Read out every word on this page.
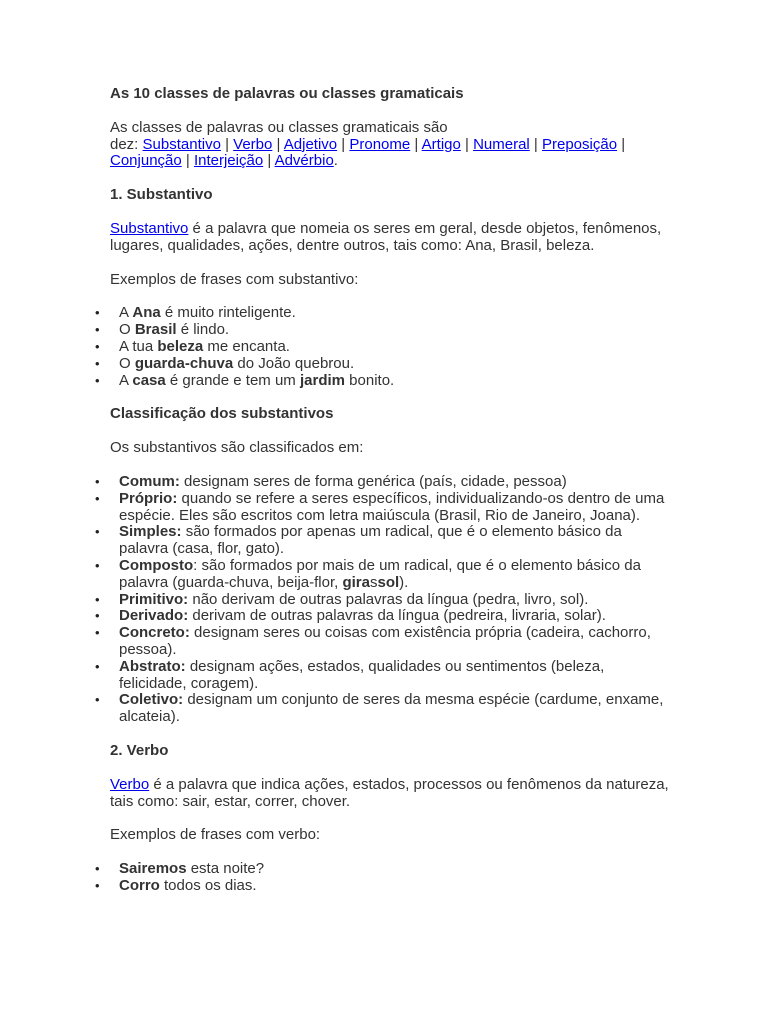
As 10 classes de palavras ou classes gramaticais

As classes de palavras ou classes gramaticais são
dez: Substantivo | Verbo | Adjetivo | Pronome | Artigo | Numeral | Preposição | Conjunção | Interjeição | Advérbio.

1. Substantivo

Substantivo é a palavra que nomeia os seres em geral, desde objetos, fenômenos, lugares, qualidades, ações, dentre outros, tais como: Ana, Brasil, beleza.

Exemplos de frases com substantivo:

• A Ana é muito rinteligente.
• O Brasil é lindo.
• A tua beleza me encanta.
• O guarda-chuva do João quebrou.
• A casa é grande e tem um jardim bonito.

Classificação dos substantivos

Os substantivos são classificados em:

• Comum: designam seres de forma genérica (país, cidade, pessoa)
• Próprio: quando se refere a seres específicos, individualizando-os dentro de uma espécie. Eles são escritos com letra maiúscula (Brasil, Rio de Janeiro, Joana).
• Simples: são formados por apenas um radical, que é o elemento básico da palavra (casa, flor, gato).
• Composto: são formados por mais de um radical, que é o elemento básico da palavra (guarda-chuva, beija-flor, girassol).
• Primitivo: não derivam de outras palavras da língua (pedra, livro, sol).
• Derivado: derivam de outras palavras da língua (pedreira, livraria, solar).
• Concreto: designam seres ou coisas com existência própria (cadeira, cachorro, pessoa).
• Abstrato: designam ações, estados, qualidades ou sentimentos (beleza, felicidade, coragem).
• Coletivo: designam um conjunto de seres da mesma espécie (cardume, enxame, alcateia).

2. Verbo

Verbo é a palavra que indica ações, estados, processos ou fenômenos da natureza, tais como: sair, estar, correr, chover.

Exemplos de frases com verbo:

• Sairemos esta noite?
• Corro todos os dias.
